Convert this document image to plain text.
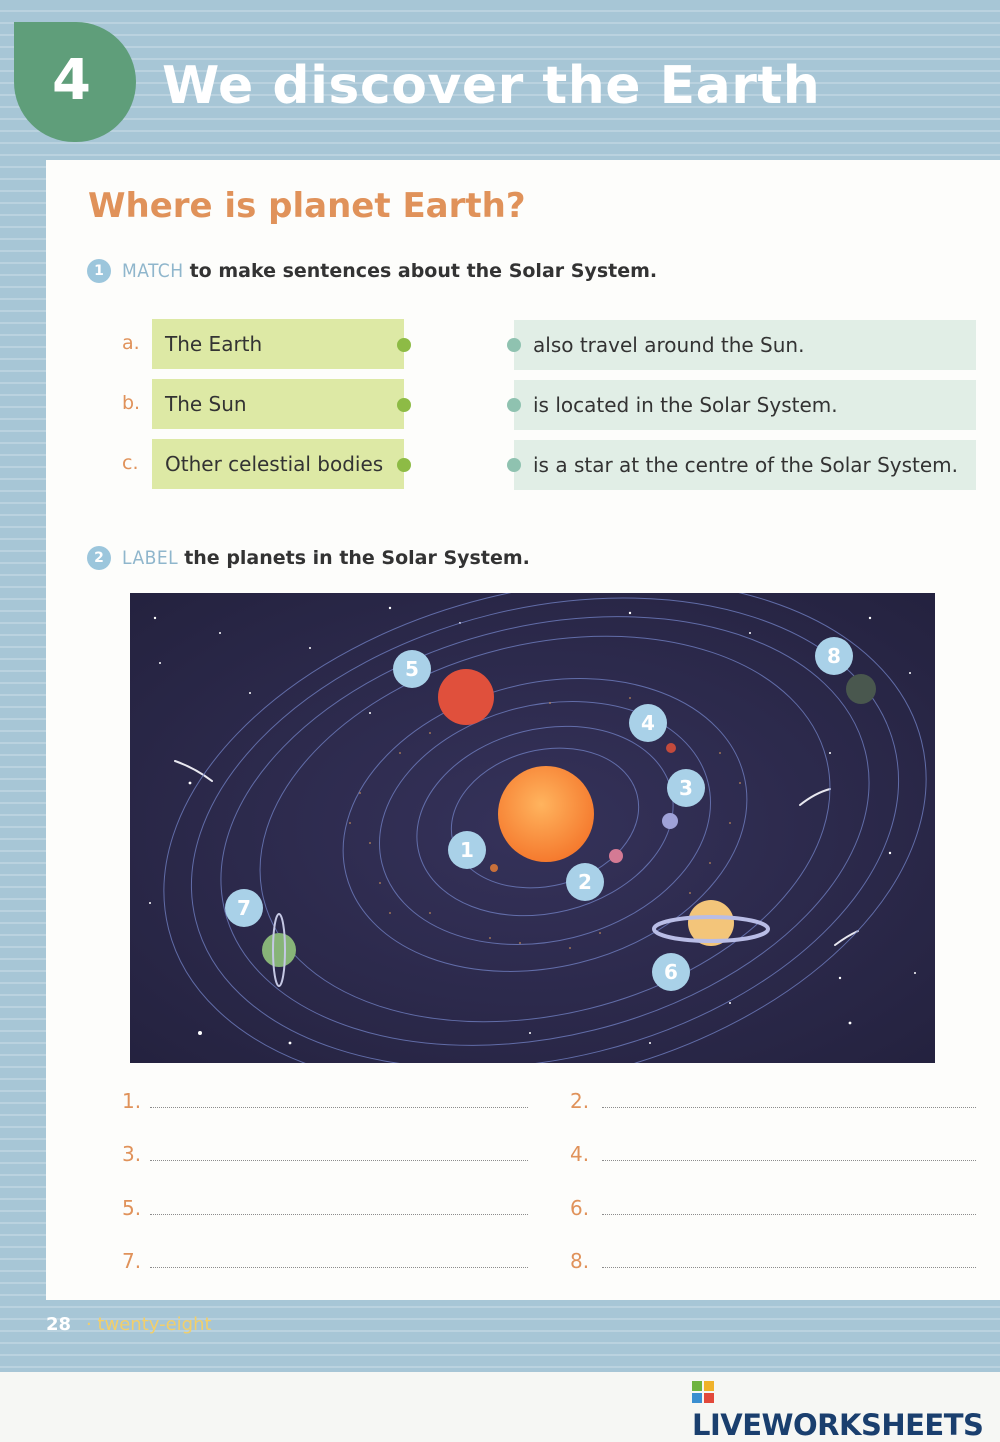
4 We discover the Earth
Where is planet Earth?
1 MATCH to make sentences about the Solar System.
a.	The Earth
b.	The Sun
c.	Other celestial bodies
also travel around the Sun.
is located in the Solar System.
is a star at the centre of the Solar System.
2 LABEL the planets in the Solar System.
1
2
3
4
5
6
7
8
1.	2.
3.	4.
5.	6.
7.	8.
28 · twenty-eight
LIVEWORKSHEETS
